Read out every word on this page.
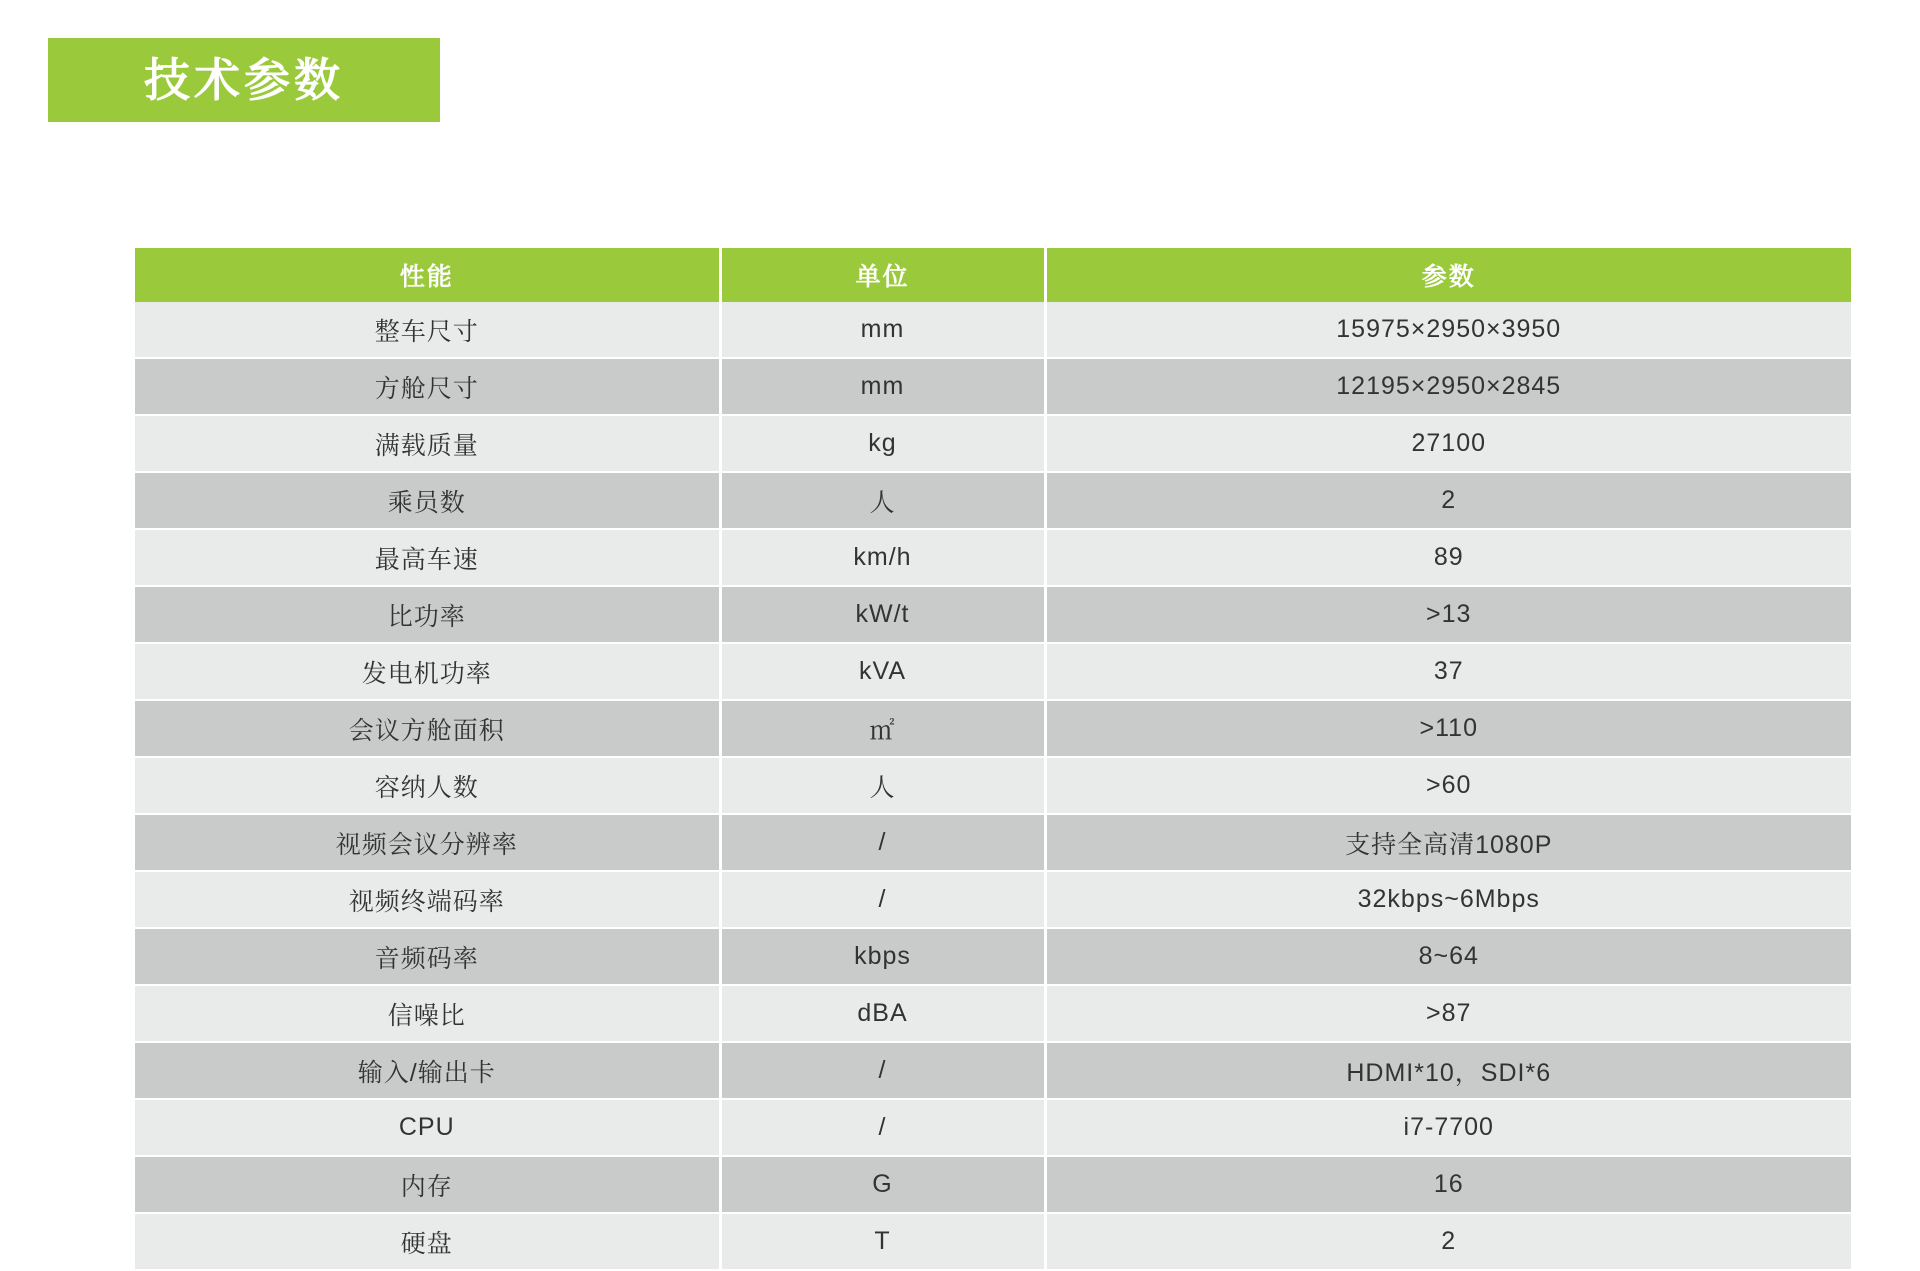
技术参数
性能	单位	参数
整车尺寸	mm	15975×2950×3950
方舱尺寸	mm	12195×2950×2845
满载质量	kg	27100
乘员数	人	2
最高车速	km/h	89
比功率	kW/t	>13
发电机功率	kVA	37
会议方舱面积	㎡	>110
容纳人数	人	>60
视频会议分辨率	/	支持全高清1080P
视频终端码率	/	32kbps~6Mbps
音频码率	kbps	8~64
信噪比	dBA	>87
输入/输出卡	/	HDMI*10，SDI*6
CPU	/	i7-7700
内存	G	16
硬盘	T	2
